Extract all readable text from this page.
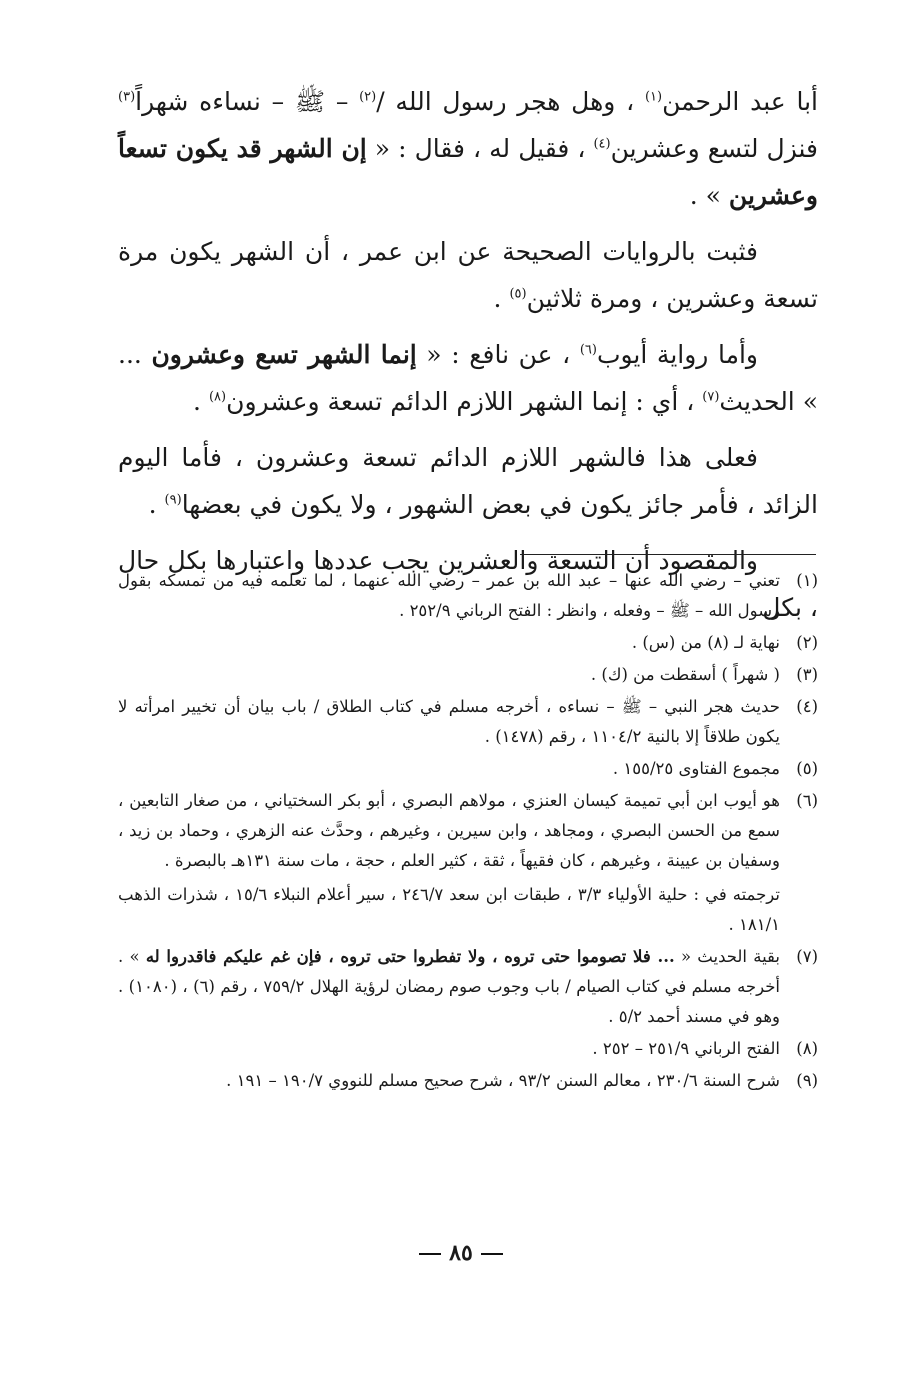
أبا عبد الرحمن$^{(١)}$ ، وهل هجر رسول الله /$^{(٢)}$ – ﷺ – نساءه شهراً$^{(٣)}$ فنزل لتسع وعشرين$^{(٤)}$ ، فقيل له ، فقال : « إن الشهر قد يكون تسعاً وعشرين » .

فثبت بالروايات الصحيحة عن ابن عمر ، أن الشهر يكون مرة تسعة وعشرين ، ومرة ثلاثين$^{(٥)}$ .

وأما رواية أيوب$^{(٦)}$ ، عن نافع : « إنما الشهر تسع وعشرون ... » الحديث$^{(٧)}$ ، أي : إنما الشهر اللازم الدائم تسعة وعشرون$^{(٨)}$ .

فعلى هذا فالشهر اللازم الدائم تسعة وعشرون ، فأما اليوم الزائد ، فأمر جائز يكون في بعض الشهور ، ولا يكون في بعضها$^{(٩)}$ .

والمقصود أن التسعة والعشرين يجب عددها واعتبارها بكل حال ، بكل

(١)
تعني – رضي الله عنها – عبد الله بن عمر – رضي الله عنهما ، لما تعلمه فيه من تمسكه بقول رسول الله – ﷺ – وفعله ، وانظر : الفتح الرباني ٢٥٢/٩ .
(٢)
نهاية لـ (٨) من (س) .
(٣)
( شهراً ) أسقطت من (ك) .
(٤)
حديث هجر النبي – ﷺ – نساءه ، أخرجه مسلم في كتاب الطلاق / باب بيان أن تخيير امرأته لا يكون طلاقاً إلا بالنية ١١٠٤/٢ ، رقم (١٤٧٨) .
(٥)
مجموع الفتاوى ١٥٥/٢٥ .
(٦)

هو أيوب ابن أبي تميمة كيسان العنزي ، مولاهم البصري ، أبو بكر السختياني ، من صغار التابعين ، سمع من الحسن البصري ، ومجاهد ، وابن سيرين ، وغيرهم ، وحدَّث عنه الزهري ، وحماد بن زيد ، وسفيان بن عيينة ، وغيرهم ، كان فقيهاً ، ثقة ، كثير العلم ، حجة ، مات سنة ١٣١هـ بالبصرة .

ترجمته في : حلية الأولياء ٣/٣ ، طبقات ابن سعد ٢٤٦/٧ ، سير أعلام النبلاء ١٥/٦ ، شذرات الذهب ١٨١/١ .

(٧)
بقية الحديث « ... فلا تصوموا حتى تروه ، ولا تفطروا حتى تروه ، فإن غم عليكم فاقدروا له » . أخرجه مسلم في كتاب الصيام / باب وجوب صوم رمضان لرؤية الهلال ٧٥٩/٢ ، رقم (٦) ، (١٠٨٠) . وهو في مسند أحمد ٥/٢ .
(٨)
الفتح الرباني ٢٥١/٩ – ٢٥٢ .
(٩)
شرح السنة ٢٣٠/٦ ، معالم السنن ٩٣/٢ ، شرح صحيح مسلم للنووي ١٩٠/٧ – ١٩١ .
٨٥
